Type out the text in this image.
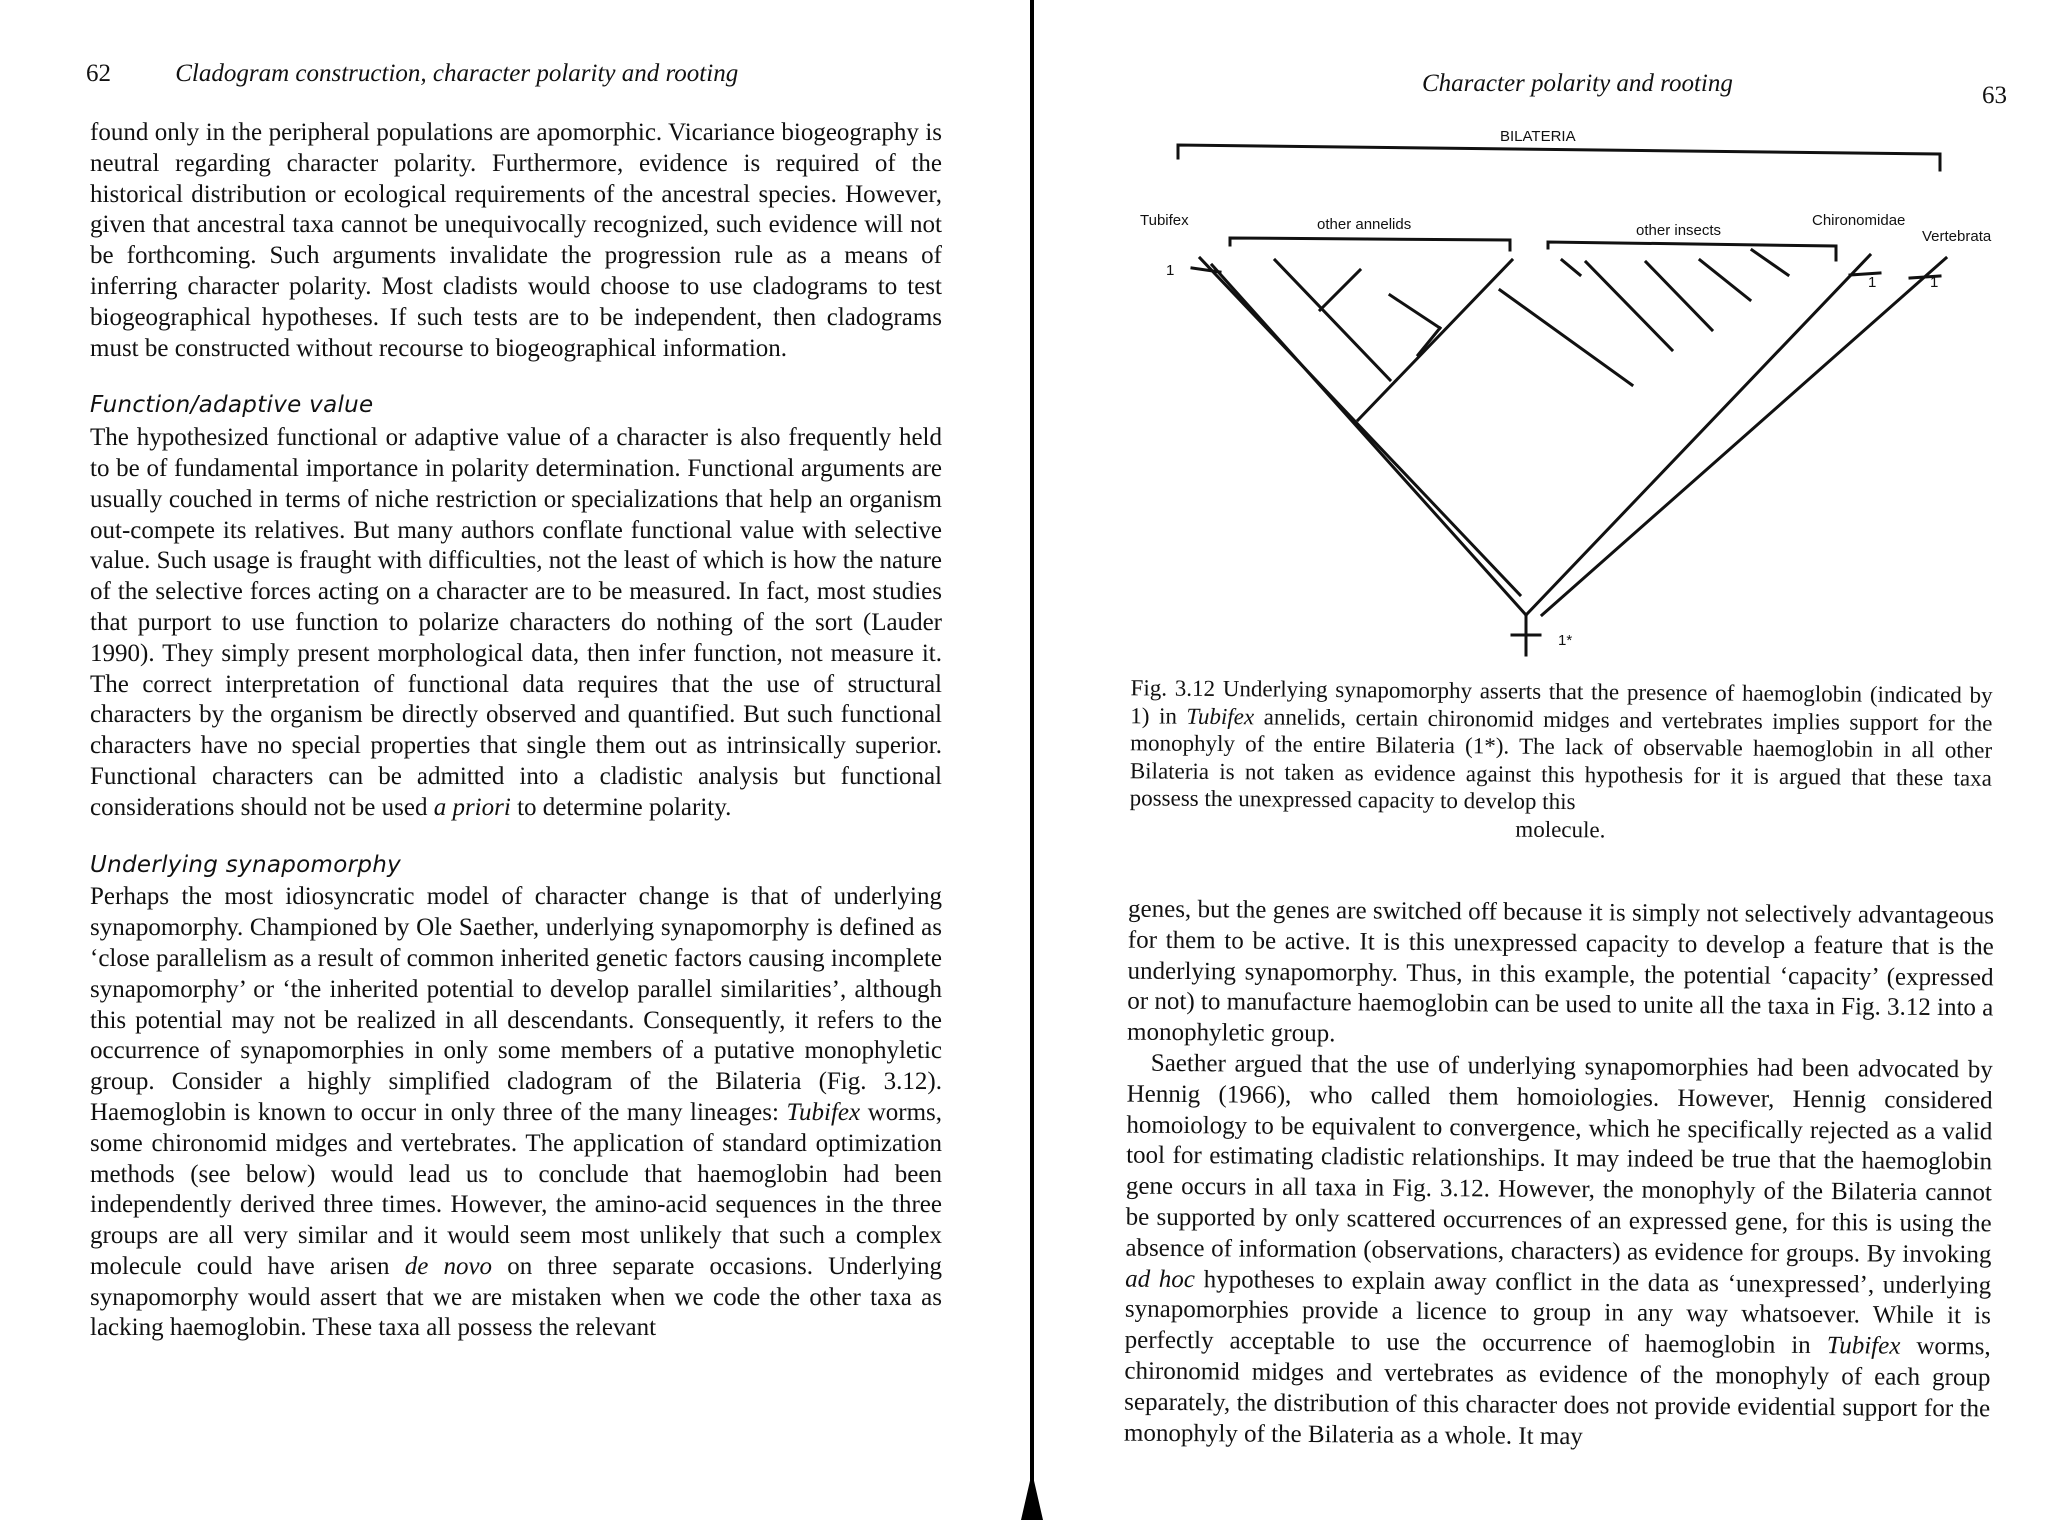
62	Cladogram construction, character polarity and rooting

found only in the peripheral populations are apomorphic. Vicariance biogeography is neutral regarding character polarity. Furthermore, evidence is required of the historical distribution or ecological requirements of the ancestral species. However, given that ancestral taxa cannot be unequivocally recognized, such evidence will not be forthcoming. Such arguments invalidate the progression rule as a means of inferring character polarity. Most cladists would choose to use cladograms to test biogeographical hypotheses. If such tests are to be independent, then cladograms must be constructed without recourse to biogeographical information.

Function/adaptive value

The hypothesized functional or adaptive value of a character is also frequently held to be of fundamental importance in polarity determination. Functional arguments are usually couched in terms of niche restriction or specializations that help an organism out-compete its relatives. But many authors conflate functional value with selective value. Such usage is fraught with difficulties, not the least of which is how the nature of the selective forces acting on a character are to be measured. In fact, most studies that purport to use function to polarize characters do nothing of the sort (Lauder 1990). They simply present morphological data, then infer function, not measure it. The correct interpretation of functional data requires that the use of structural characters by the organism be directly observed and quantified. But such functional characters have no special properties that single them out as intrinsically superior. Functional characters can be admitted into a cladistic analysis but functional considerations should not be used a priori to determine polarity.

Underlying synapomorphy

Perhaps the most idiosyncratic model of character change is that of underlying synapomorphy. Championed by Ole Saether, underlying synapomorphy is defined as ‘close parallelism as a result of common inherited genetic factors causing incomplete synapomorphy’ or ‘the inherited potential to develop parallel similarities’, although this potential may not be realized in all descendants. Consequently, it refers to the occurrence of synapomorphies in only some members of a putative monophyletic group. Consider a highly simplified cladogram of the Bilateria (Fig. 3.12). Haemoglobin is known to occur in only three of the many lineages: Tubifex worms, some chironomid midges and vertebrates. The application of standard optimization methods (see below) would lead us to conclude that haemoglobin had been independently derived three times. However, the amino-acid sequences in the three groups are all very similar and it would seem most unlikely that such a complex molecule could have arisen de novo on three separate occasions. Underlying synapomorphy would assert that we are mistaken when we code the other taxa as lacking haemoglobin. These taxa all possess the relevant

Character polarity and rooting	63
BILATERIA
Tubifex	other annelids	other insects
Chironomidae
Vertebrata
1
1	1
1*
Fig. 3.12 Underlying synapomorphy asserts that the presence of haemoglobin (indicated by 1) in Tubifex annelids, certain chironomid midges and vertebrates implies support for the monophyly of the entire Bilateria (1*). The lack of observable haemoglobin in all other Bilateria is not taken as evidence against this hypothesis for it is argued that these taxa possess the unexpressed capacity to develop this
molecule.

genes, but the genes are switched off because it is simply not selectively advantageous for them to be active. It is this unexpressed capacity to develop a feature that is the underlying synapomorphy. Thus, in this example, the potential ‘capacity’ (expressed or not) to manufacture haemoglobin can be used to unite all the taxa in Fig. 3.12 into a monophyletic group.

Saether argued that the use of underlying synapomorphies had been advocated by Hennig (1966), who called them homoiologies. However, Hennig considered homoiology to be equivalent to convergence, which he specifically rejected as a valid tool for estimating cladistic relationships. It may indeed be true that the haemoglobin gene occurs in all taxa in Fig. 3.12. However, the monophyly of the Bilateria cannot be supported by only scattered occurrences of an expressed gene, for this is using the absence of information (observations, characters) as evidence for groups. By invoking ad hoc hypotheses to explain away conflict in the data as ‘unexpressed’, underlying synapomorphies provide a licence to group in any way whatsoever. While it is perfectly acceptable to use the occurrence of haemoglobin in Tubifex worms, chironomid midges and vertebrates as evidence of the monophyly of each group separately, the distribution of this character does not provide evidential support for the monophyly of the Bilateria as a whole. It may
